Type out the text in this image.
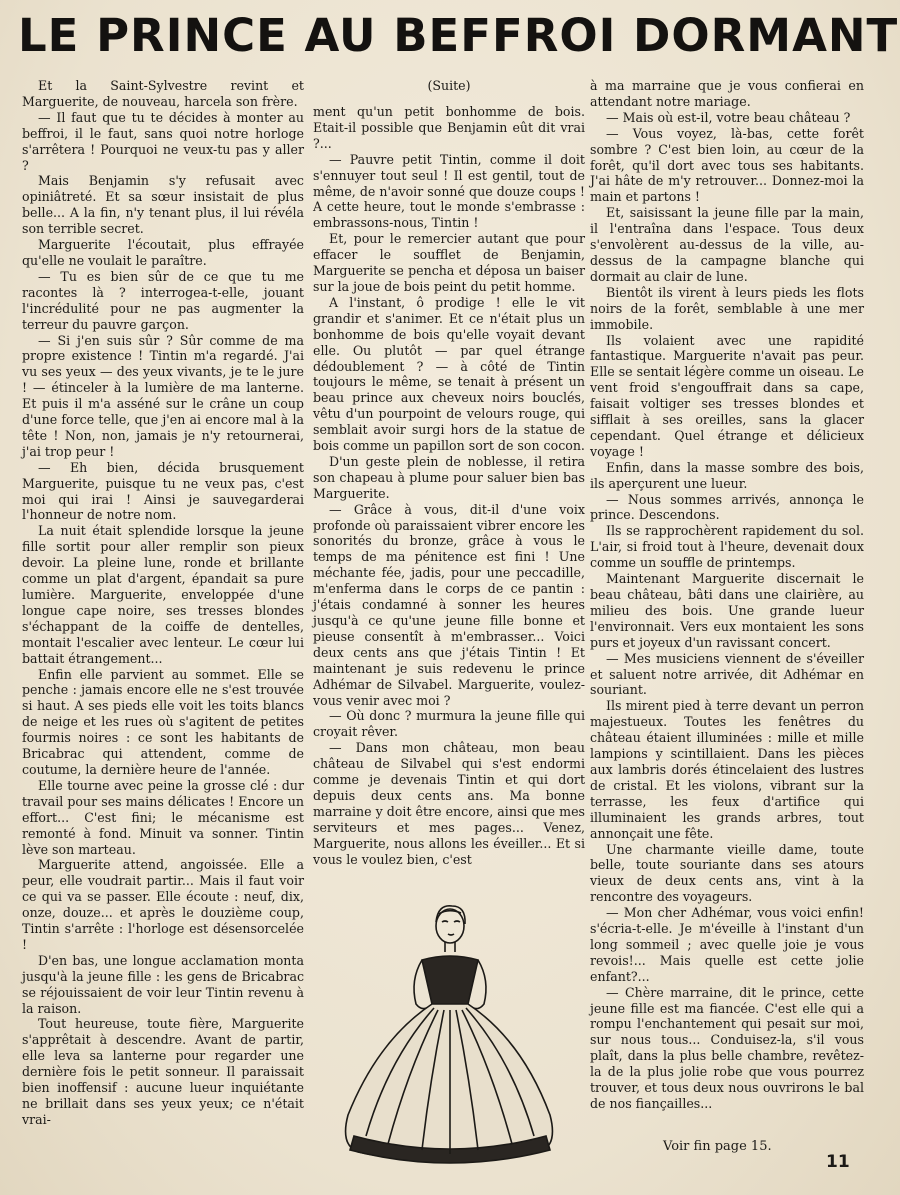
LE PRINCE AU BEFFROI DORMANT

Et la Saint-Sylvestre revint et Marguerite, de nouveau, harcela son frère.

— Il faut que tu te décides à monter au beffroi, il le faut, sans quoi notre horloge s'arrêtera ! Pourquoi ne veux-tu pas y aller ?

Mais Benjamin s'y refusait avec opiniâtreté. Et sa sœur insistait de plus belle... A la fin, n'y tenant plus, il lui révéla son terrible secret.

Marguerite l'écoutait, plus effrayée qu'elle ne voulait le paraître.

— Tu es bien sûr de ce que tu me racontes là ? interrogea-t-elle, jouant l'incrédulité pour ne pas augmenter la terreur du pauvre garçon.

— Si j'en suis sûr ? Sûr comme de ma propre existence ! Tintin m'a regardé. J'ai vu ses yeux — des yeux vivants, je te le jure ! — étinceler à la lumière de ma lanterne. Et puis il m'a asséné sur le crâne un coup d'une force telle, que j'en ai encore mal à la tête ! Non, non, jamais je n'y retournerai, j'ai trop peur !

— Eh bien, décida brusquement Marguerite, puisque tu ne veux pas, c'est moi qui irai ! Ainsi je sauvegarderai l'honneur de notre nom.

La nuit était splendide lorsque la jeune fille sortit pour aller remplir son pieux devoir. La pleine lune, ronde et brillante comme un plat d'argent, épandait sa pure lumière. Marguerite, enveloppée d'une longue cape noire, ses tresses blondes s'échappant de la coiffe de dentelles, montait l'escalier avec lenteur. Le cœur lui battait étrangement...

Enfin elle parvient au sommet. Elle se penche : jamais encore elle ne s'est trouvée si haut. A ses pieds elle voit les toits blancs de neige et les rues où s'agitent de petites fourmis noires : ce sont les habitants de Bricabrac qui attendent, comme de coutume, la dernière heure de l'année.

Elle tourne avec peine la grosse clé : dur travail pour ses mains délicates ! Encore un effort... C'est fini; le mécanisme est remonté à fond. Minuit va sonner. Tintin lève son marteau.

Marguerite attend, angoissée. Elle a peur, elle voudrait partir... Mais il faut voir ce qui va se passer. Elle écoute : neuf, dix, onze, douze... et après le douzième coup, Tintin s'arrête : l'horloge est désensorcelée !

D'en bas, une longue acclamation monta jusqu'à la jeune fille : les gens de Bricabrac se réjouissaient de voir leur Tintin revenu à la raison.

Tout heureuse, toute fière, Marguerite s'apprêtait à descendre. Avant de partir, elle leva sa lanterne pour regarder une dernière fois le petit sonneur. Il paraissait bien inoffensif : aucune lueur inquiétante ne brillait dans ses yeux yeux; ce n'était vrai-

(Suite)

ment qu'un petit bonhomme de bois. Etait-il possible que Benjamin eût dit vrai ?...

— Pauvre petit Tintin, comme il doit s'ennuyer tout seul ! Il est gentil, tout de même, de n'avoir sonné que douze coups ! A cette heure, tout le monde s'embrasse : embrassons-nous, Tintin !

Et, pour le remercier autant que pour effacer le soufflet de Benjamin, Marguerite se pencha et déposa un baiser sur la joue de bois peint du petit homme.

A l'instant, ô prodige ! elle le vit grandir et s'animer. Et ce n'était plus un bonhomme de bois qu'elle voyait devant elle. Ou plutôt — par quel étrange dédoublement ? — à côté de Tintin toujours le même, se tenait à présent un beau prince aux cheveux noirs bouclés, vêtu d'un pourpoint de velours rouge, qui semblait avoir surgi hors de la statue de bois comme un papillon sort de son cocon.

D'un geste plein de noblesse, il retira son chapeau à plume pour saluer bien bas Marguerite.

— Grâce à vous, dit-il d'une voix profonde où paraissaient vibrer encore les sonorités du bronze, grâce à vous le temps de ma pénitence est fini ! Une méchante fée, jadis, pour une peccadille, m'enferma dans le corps de ce pantin : j'étais condamné à sonner les heures jusqu'à ce qu'une jeune fille bonne et pieuse consentît à m'embrasser... Voici deux cents ans que j'étais Tintin ! Et maintenant je suis redevenu le prince Adhémar de Silvabel. Marguerite, voulez-vous venir avec moi ?

— Où donc ? murmura la jeune fille qui croyait rêver.

— Dans mon château, mon beau château de Silvabel qui s'est endormi comme je devenais Tintin et qui dort depuis deux cents ans. Ma bonne marraine y doit être encore, ainsi que mes serviteurs et mes pages... Venez, Marguerite, nous allons les éveiller... Et si vous le voulez bien, c'est

à ma marraine que je vous confierai en attendant notre mariage.

— Mais où est-il, votre beau château ?

— Vous voyez, là-bas, cette forêt sombre ? C'est bien loin, au cœur de la forêt, qu'il dort avec tous ses habitants. J'ai hâte de m'y retrouver... Donnez-moi la main et partons !

Et, saisissant la jeune fille par la main, il l'entraîna dans l'espace. Tous deux s'envolèrent au-dessus de la ville, au-dessus de la campagne blanche qui dormait au clair de lune.

Bientôt ils virent à leurs pieds les flots noirs de la forêt, semblable à une mer immobile.

Ils volaient avec une rapidité fantastique. Marguerite n'avait pas peur. Elle se sentait légère comme un oiseau. Le vent froid s'engouffrait dans sa cape, faisait voltiger ses tresses blondes et sifflait à ses oreilles, sans la glacer cependant. Quel étrange et délicieux voyage !

Enfin, dans la masse sombre des bois, ils aperçurent une lueur.

— Nous sommes arrivés, annonça le prince. Descendons.

Ils se rapprochèrent rapidement du sol. L'air, si froid tout à l'heure, devenait doux comme un souffle de printemps.

Maintenant Marguerite discernait le beau château, bâti dans une clairière, au milieu des bois. Une grande lueur l'environnait. Vers eux montaient les sons purs et joyeux d'un ravissant concert.

— Mes musiciens viennent de s'éveiller et saluent notre arrivée, dit Adhémar en souriant.

Ils mirent pied à terre devant un perron majestueux. Toutes les fenêtres du château étaient illuminées : mille et mille lampions y scintillaient. Dans les pièces aux lambris dorés étincelaient des lustres de cristal. Et les violons, vibrant sur la terrasse, les feux d'artifice qui illuminaient les grands arbres, tout annonçait une fête.

Une charmante vieille dame, toute belle, toute souriante dans ses atours vieux de deux cents ans, vint à la rencontre des voyageurs.

— Mon cher Adhémar, vous voici enfin! s'écria-t-elle. Je m'éveille à l'instant d'un long sommeil ; avec quelle joie je vous revois!... Mais quelle est cette jolie enfant?...

— Chère marraine, dit le prince, cette jeune fille est ma fiancée. C'est elle qui a rompu l'enchantement qui pesait sur moi, sur nous tous... Conduisez-la, s'il vous plaît, dans la plus belle chambre, revêtez-la de la plus jolie robe que vous pourrez trouver, et tous deux nous ouvrirons le bal de nos fiançailles...

Voir fin page 15.
11
